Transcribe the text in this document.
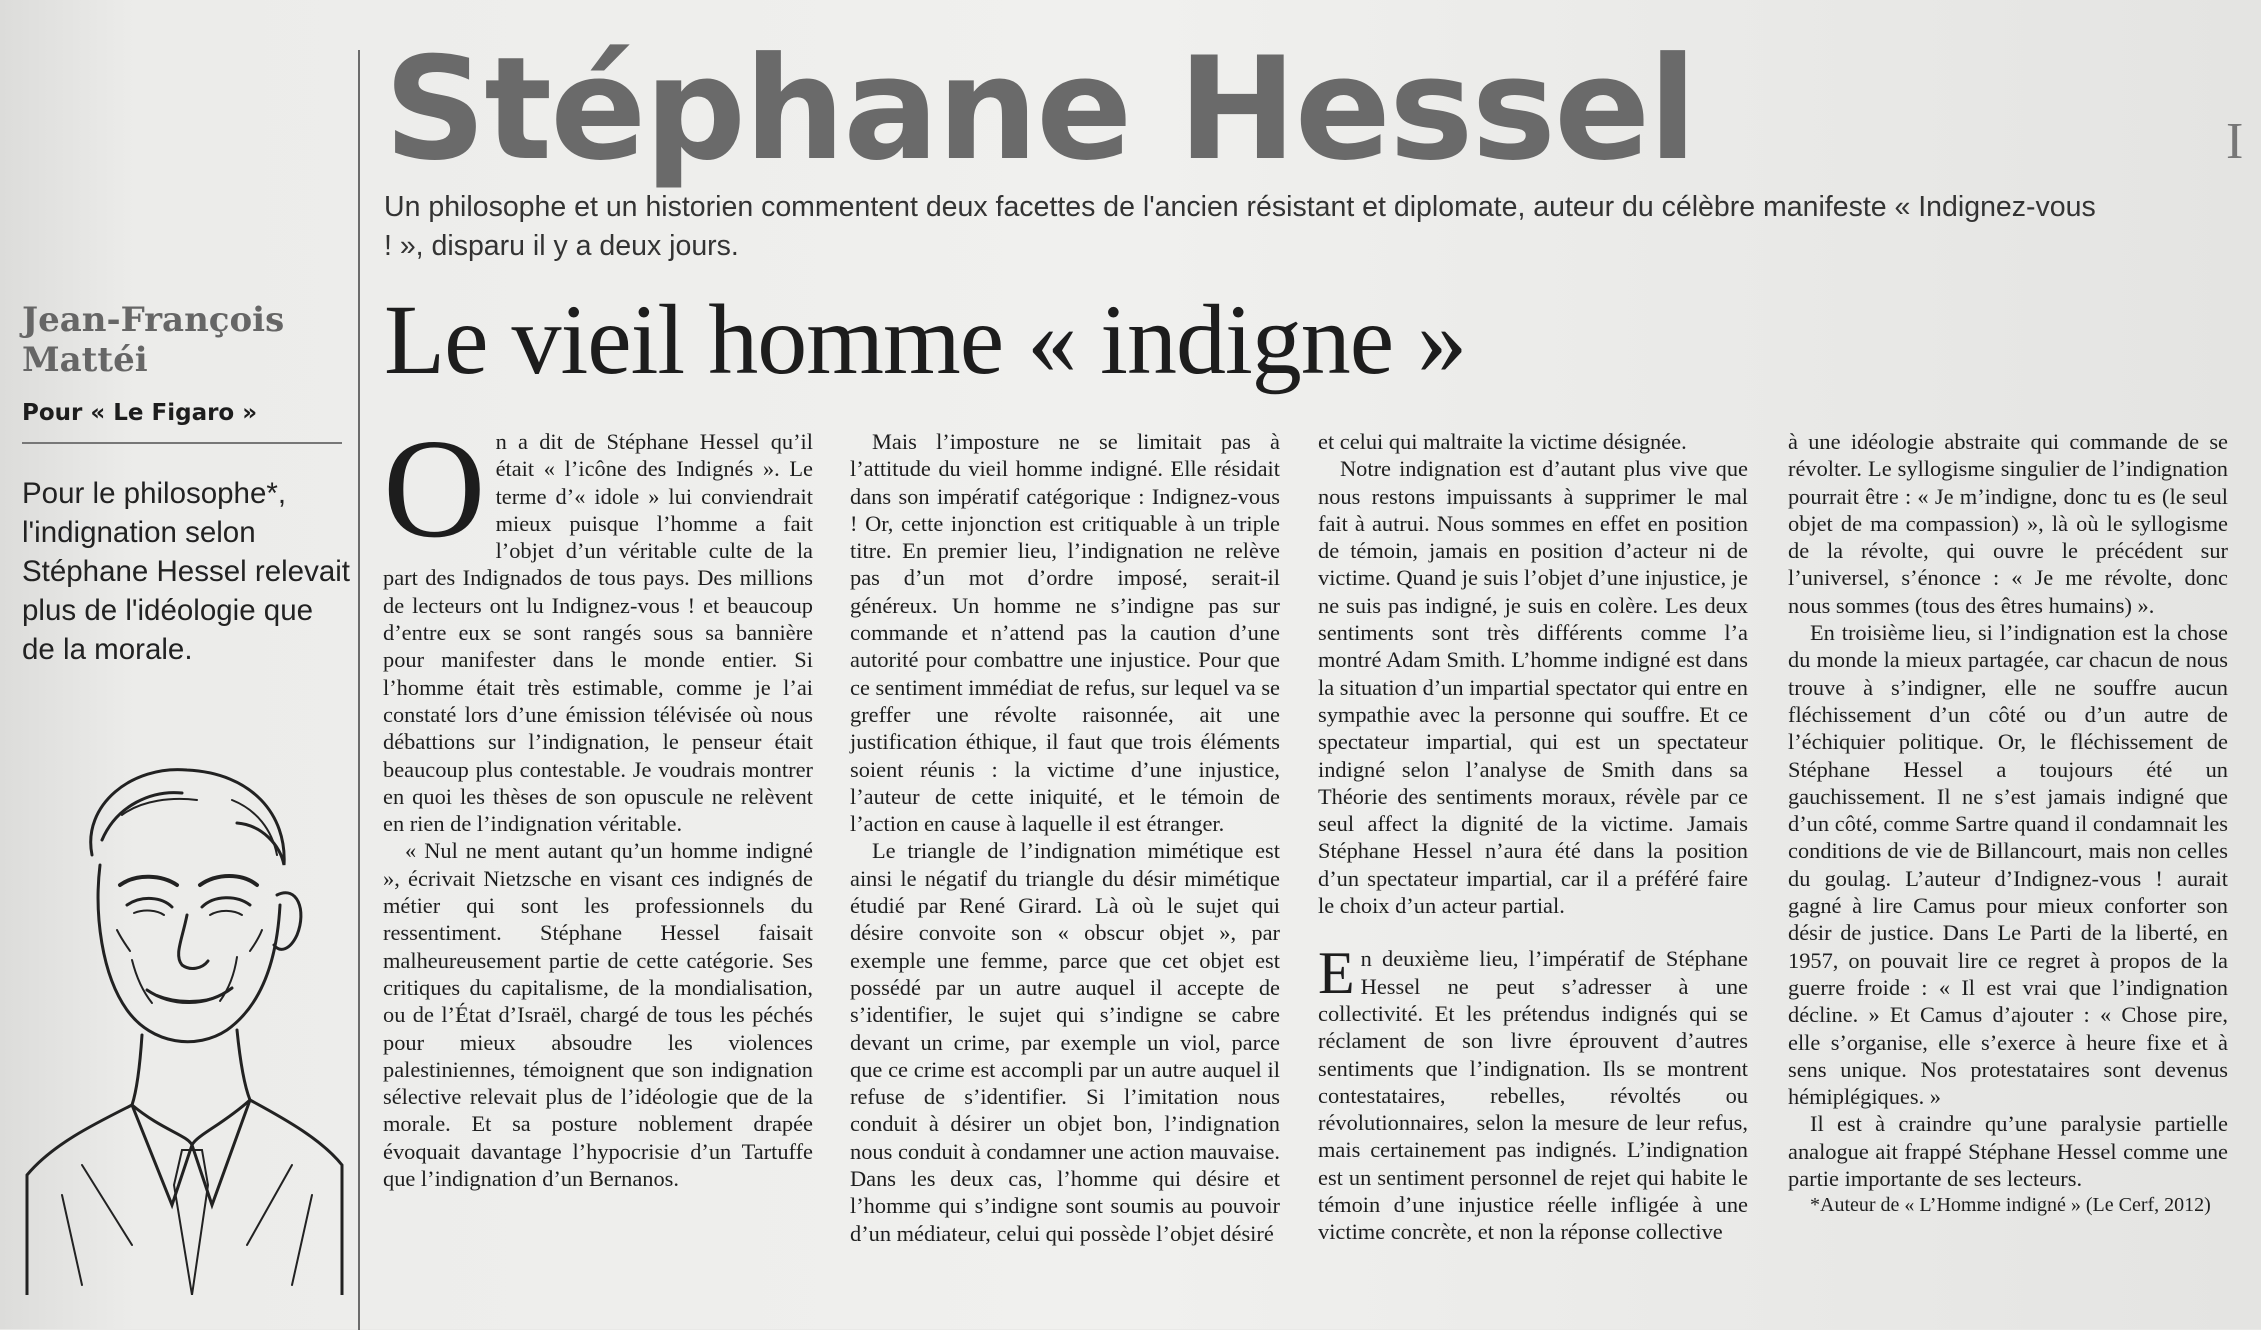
Stéphane Hessel
Un philosophe et un historien commentent deux facettes de l'ancien résistant et diplomate, auteur du célèbre manifeste « Indignez-vous ! », disparu il y a deux jours.
Le vieil homme « indigne »
Jean-François
Mattéi
Pour « Le Figaro »
Pour le philosophe*, l'indignation selon Stéphane Hessel relevait plus de l'idéologie que de la morale.

On a dit de Stéphane Hessel qu’il était « l’icône des Indignés ». Le terme d’« idole » lui conviendrait mieux puisque l’homme a fait l’objet d’un véritable culte de la part des Indignados de tous pays. Des millions de lecteurs ont lu Indignez-vous ! et beaucoup d’entre eux se sont rangés sous sa bannière pour manifester dans le monde entier. Si l’homme était très estimable, comme je l’ai constaté lors d’une émission télévisée où nous débattions sur l’indignation, le penseur était beaucoup plus contestable. Je voudrais montrer en quoi les thèses de son opuscule ne relèvent en rien de l’indignation véritable.

« Nul ne ment autant qu’un homme indigné », écrivait Nietzsche en visant ces indignés de métier qui sont les professionnels du ressentiment. Stéphane Hessel faisait malheureusement partie de cette catégorie. Ses critiques du capitalisme, de la mondialisation, ou de l’État d’Israël, chargé de tous les péchés pour mieux absoudre les violences palestiniennes, témoignent que son indignation sélective relevait plus de l’idéologie que de la morale. Et sa posture noblement drapée évoquait davantage l’hypocrisie d’un Tartuffe que l’indignation d’un Bernanos.

Mais l’imposture ne se limitait pas à l’attitude du vieil homme indigné. Elle résidait dans son impératif catégorique : Indignez-vous ! Or, cette injonction est critiquable à un triple titre. En premier lieu, l’indignation ne relève pas d’un mot d’ordre imposé, serait-il généreux. Un homme ne s’indigne pas sur commande et n’attend pas la caution d’une autorité pour combattre une injustice. Pour que ce sentiment immédiat de refus, sur lequel va se greffer une révolte raisonnée, ait une justification éthique, il faut que trois éléments soient réunis : la victime d’une injustice, l’auteur de cette iniquité, et le témoin de l’action en cause à laquelle il est étranger.

Le triangle de l’indignation mimétique est ainsi le négatif du triangle du désir mimétique étudié par René Girard. Là où le sujet qui désire convoite son « obscur objet », par exemple une femme, parce que cet objet est possédé par un autre auquel il accepte de s’identifier, le sujet qui s’indigne se cabre devant un crime, par exemple un viol, parce que ce crime est accompli par un autre auquel il refuse de s’identifier. Si l’imitation nous conduit à désirer un objet bon, l’indignation nous conduit à condamner une action mauvaise. Dans les deux cas, l’homme qui désire et l’homme qui s’indigne sont soumis au pouvoir d’un médiateur, celui qui possède l’objet désiré

et celui qui maltraite la victime désignée.

Notre indignation est d’autant plus vive que nous restons impuissants à supprimer le mal fait à autrui. Nous sommes en effet en position de témoin, jamais en position d’acteur ni de victime. Quand je suis l’objet d’une injustice, je ne suis pas indigné, je suis en colère. Les deux sentiments sont très différents comme l’a montré Adam Smith. L’homme indigné est dans la situation d’un impartial spectator qui entre en sympathie avec la personne qui souffre. Et ce spectateur impartial, qui est un spectateur indigné selon l’analyse de Smith dans sa Théorie des sentiments moraux, révèle par ce seul affect la dignité de la victime. Jamais Stéphane Hessel n’aura été dans la position d’un spectateur impartial, car il a préféré faire le choix d’un acteur partial.

En deuxième lieu, l’impératif de Stéphane Hessel ne peut s’adresser à une collectivité. Et les prétendus indignés qui se réclament de son livre éprouvent d’autres sentiments que l’indignation. Ils se montrent contestataires, rebelles, révoltés ou révolutionnaires, selon la mesure de leur refus, mais certainement pas indignés. L’indignation est un sentiment personnel de rejet qui habite le témoin d’une injustice réelle infligée à une victime concrète, et non la réponse collective

à une idéologie abstraite qui commande de se révolter. Le syllogisme singulier de l’indignation pourrait être : « Je m’indigne, donc tu es (le seul objet de ma compassion) », là où le syllogisme de la révolte, qui ouvre le précédent sur l’universel, s’énonce : « Je me révolte, donc nous sommes (tous des êtres humains) ».

En troisième lieu, si l’indignation est la chose du monde la mieux partagée, car chacun de nous trouve à s’indigner, elle ne souffre aucun fléchissement d’un côté ou d’un autre de l’échiquier politique. Or, le fléchissement de Stéphane Hessel a toujours été un gauchissement. Il ne s’est jamais indigné que d’un côté, comme Sartre quand il condamnait les conditions de vie de Billancourt, mais non celles du goulag. L’auteur d’Indignez-vous ! aurait gagné à lire Camus pour mieux conforter son désir de justice. Dans Le Parti de la liberté, en 1957, on pouvait lire ce regret à propos de la guerre froide : « Il est vrai que l’indignation décline. » Et Camus d’ajouter : « Chose pire, elle s’organise, elle s’exerce à heure fixe et à sens unique. Nos protestataires sont devenus hémiplégiques. »

Il est à craindre qu’une paralysie partielle analogue ait frappé Stéphane Hessel comme une partie importante de ses lecteurs.

*Auteur de « L’Homme indigné » (Le Cerf, 2012)

I
